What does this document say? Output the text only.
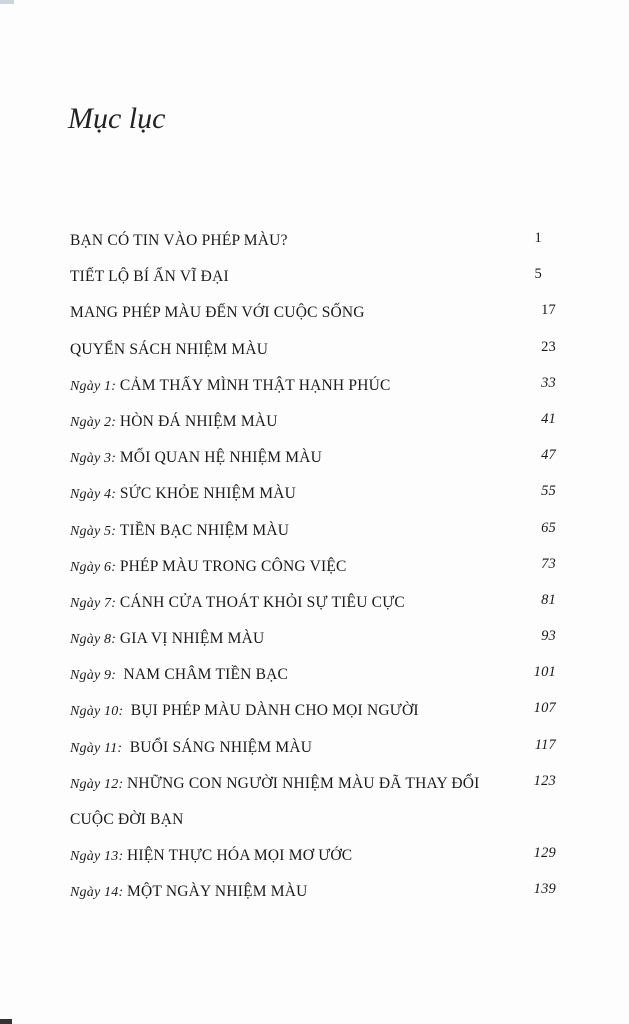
Mục lục
BẠN CÓ TIN VÀO PHÉP MÀU?	1
TIẾT LỘ BÍ ẨN VĨ ĐẠI	5
MANG PHÉP MÀU ĐẾN VỚI CUỘC SỐNG	17
QUYỂN SÁCH NHIỆM MÀU	23
Ngày 1: CẢM THẤY MÌNH THẬT HẠNH PHÚC	33
Ngày 2: HÒN ĐÁ NHIỆM MÀU	41
Ngày 3: MỐI QUAN HỆ NHIỆM MÀU	47
Ngày 4: SỨC KHỎE NHIỆM MÀU	55
Ngày 5: TIỀN BẠC NHIỆM MÀU	65
Ngày 6: PHÉP MÀU TRONG CÔNG VIỆC	73
Ngày 7: CÁNH CỬA THOÁT KHỎI SỰ TIÊU CỰC	81
Ngày 8: GIA VỊ NHIỆM MÀU	93
Ngày 9:  NAM CHÂM TIỀN BẠC	101
Ngày 10:  BỤI PHÉP MÀU DÀNH CHO MỌI NGƯỜI	107
Ngày 11:  BUỔI SÁNG NHIỆM MÀU	117
Ngày 12: NHỮNG CON NGƯỜI NHIỆM MÀU ĐÃ THAY ĐỔI	123
CUỘC ĐỜI BẠN
Ngày 13: HIỆN THỰC HÓA MỌI MƠ ƯỚC	129
Ngày 14: MỘT NGÀY NHIỆM MÀU	139
